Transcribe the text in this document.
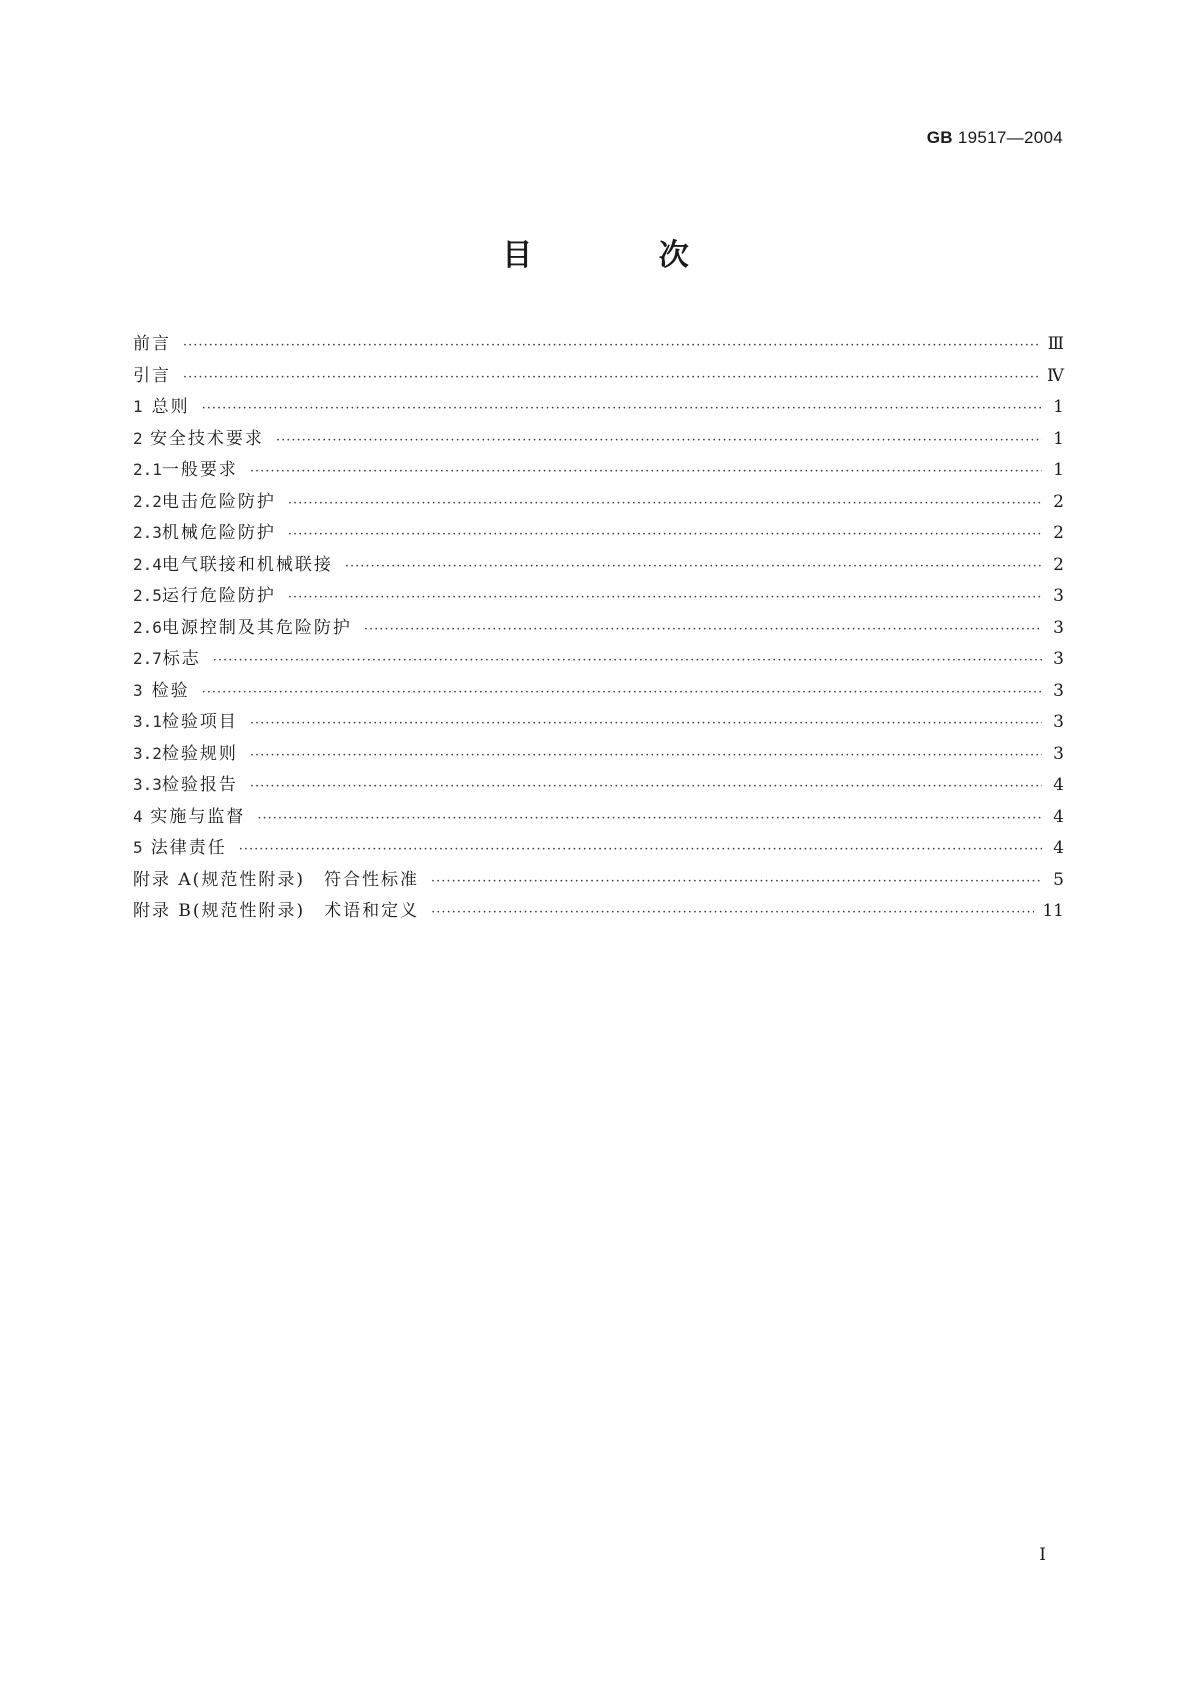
GB 19517—2004
目 次
前言 ·····	Ⅲ
引言 ·····	Ⅳ
1 总则 ·····	1
2 安全技术要求 ·····	1
2.1 一般要求 ·····	1
2.2 电击危险防护 ·····	2
2.3 机械危险防护 ·····	2
2.4 电气联接和机械联接 ·····	2
2.5 运行危险防护 ·····	3
2.6 电源控制及其危险防护 ·····	3
2.7 标志 ·····	3
3 检验 ·····	3
3.1 检验项目 ·····	3
3.2 检验规则 ·····	3
3.3 检验报告 ·····	4
4 实施与监督 ·····	4
5 法律责任 ·····	4
附录 A(规范性附录)　符合性标准 ·····	5
附录 B(规范性附录)　术语和定义 ·····	11
Ⅰ
